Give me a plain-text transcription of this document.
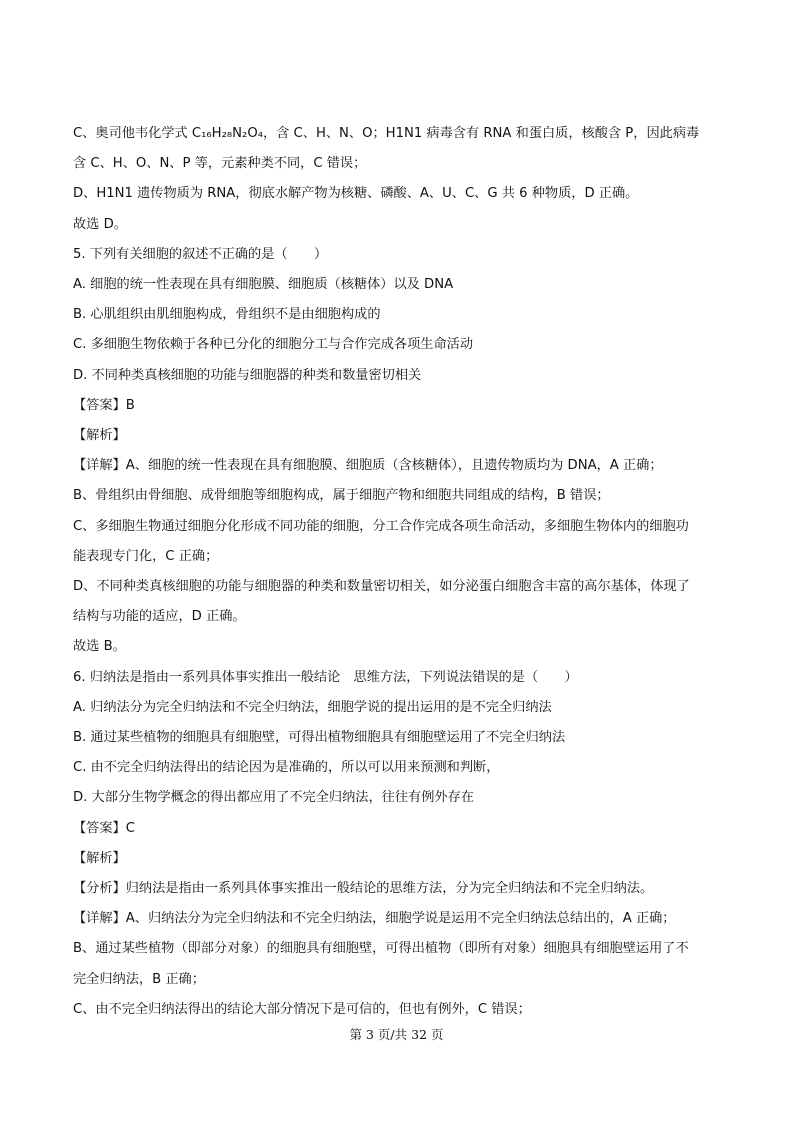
C、奥司他韦化学式 C₁₆H₂₈N₂O₄，含 C、H、N、O；H1N1 病毒含有 RNA 和蛋白质，核酸含 P，因此病毒
含 C、H、O、N、P 等，元素种类不同，C 错误；
D、H1N1 遗传物质为 RNA，彻底水解产物为核糖、磷酸、A、U、C、G 共 6 种物质，D 正确。
故选 D。
5. 下列有关细胞的叙述不正确的是（　　）
A. 细胞的统一性表现在具有细胞膜、细胞质（核糖体）以及 DNA
B. 心肌组织由肌细胞构成，骨组织不是由细胞构成的
C. 多细胞生物依赖于各种已分化的细胞分工与合作完成各项生命活动
D. 不同种类真核细胞的功能与细胞器的种类和数量密切相关
【答案】B
【解析】
【详解】A、细胞的统一性表现在具有细胞膜、细胞质（含核糖体），且遗传物质均为 DNA，A 正确；
B、骨组织由骨细胞、成骨细胞等细胞构成，属于细胞产物和细胞共同组成的结构，B 错误；
C、多细胞生物通过细胞分化形成不同功能的细胞，分工合作完成各项生命活动，多细胞生物体内的细胞功
能表现专门化，C 正确；
D、不同种类真核细胞的功能与细胞器的种类和数量密切相关，如分泌蛋白细胞含丰富的高尔基体，体现了
结构与功能的适应，D 正确。
故选 B。
6. 归纳法是指由一系列具体事实推出一般结论　思维方法，下列说法错误的是（　　）
A. 归纳法分为完全归纳法和不完全归纳法，细胞学说的提出运用的是不完全归纳法
B. 通过某些植物的细胞具有细胞壁，可得出植物细胞具有细胞壁运用了不完全归纳法
C. 由不完全归纳法得出的结论因为是准确的，所以可以用来预测和判断，
D. 大部分生物学概念的得出都应用了不完全归纳法，往往有例外存在
【答案】C
【解析】
【分析】归纳法是指由一系列具体事实推出一般结论的思维方法，分为完全归纳法和不完全归纳法。
【详解】A、归纳法分为完全归纳法和不完全归纳法，细胞学说是运用不完全归纳法总结出的，A 正确；
B、通过某些植物（即部分对象）的细胞具有细胞壁，可得出植物（即所有对象）细胞具有细胞壁运用了不
完全归纳法，B 正确；
C、由不完全归纳法得出的结论大部分情况下是可信的，但也有例外，C 错误；
第 3 页/共 32 页
